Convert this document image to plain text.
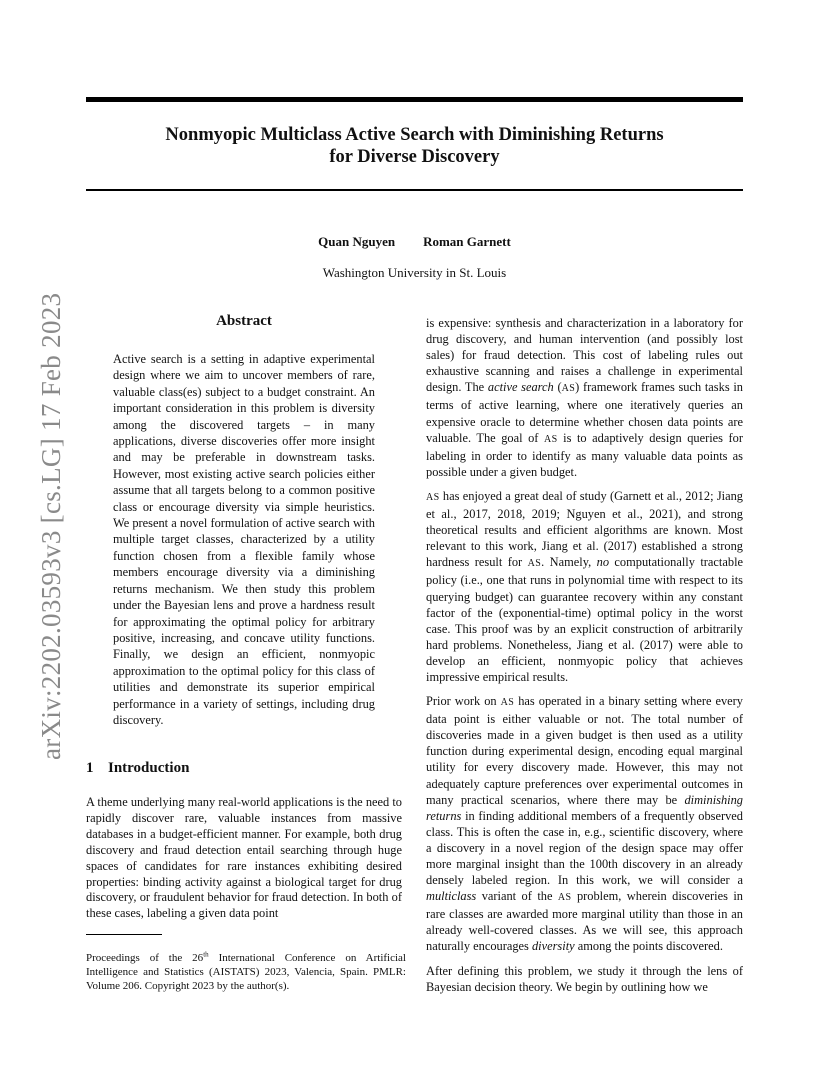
Nonmyopic Multiclass Active Search with Diminishing Returns
for Diverse Discovery
Quan Nguyen Roman Garnett
Washington University in St. Louis
arXiv:2202.03593v3 [cs.LG] 17 Feb 2023	Abstract
Active search is a setting in adaptive experimental design where we aim to uncover members of rare, valuable class(es) subject to a budget constraint. An important consideration in this problem is diversity among the discovered targets – in many applications, diverse discoveries offer more insight and may be preferable in downstream tasks. However, most existing active search policies either assume that all targets belong to a common positive class or encourage diversity via simple heuristics. We present a novel formulation of active search with multiple target classes, characterized by a utility function chosen from a flexible family whose members encourage diversity via a diminishing returns mechanism. We then study this problem under the Bayesian lens and prove a hardness result for approximating the optimal policy for arbitrary positive, increasing, and concave utility functions. Finally, we design an efficient, nonmyopic approximation to the optimal policy for this class of utilities and demonstrate its superior empirical performance in a variety of settings, including drug discovery.
1 Introduction
A theme underlying many real-world applications is the need to rapidly discover rare, valuable instances from massive databases in a budget-efficient manner. For example, both drug discovery and fraud detection entail searching through huge spaces of candidates for rare instances exhibiting desired properties: binding activity against a biological target for drug discovery, or fraudulent behavior for fraud detection. In both of these cases, labeling a given data point
Proceedings of the 26th International Conference on Artificial Intelligence and Statistics (AISTATS) 2023, Valencia, Spain. PMLR: Volume 206. Copyright 2023 by the author(s).

is expensive: synthesis and characterization in a laboratory for drug discovery, and human intervention (and possibly lost sales) for fraud detection. This cost of labeling rules out exhaustive scanning and raises a challenge in experimental design. The active search (AS) framework frames such tasks in terms of active learning, where one iteratively queries an expensive oracle to determine whether chosen data points are valuable. The goal of AS is to adaptively design queries for labeling in order to identify as many valuable data points as possible under a given budget.

AS has enjoyed a great deal of study (Garnett et al., 2012; Jiang et al., 2017, 2018, 2019; Nguyen et al., 2021), and strong theoretical results and efficient algorithms are known. Most relevant to this work, Jiang et al. (2017) established a strong hardness result for AS. Namely, no computationally tractable policy (i.e., one that runs in polynomial time with respect to its querying budget) can guarantee recovery within any constant factor of the (exponential-time) optimal policy in the worst case. This proof was by an explicit construction of arbitrarily hard problems. Nonetheless, Jiang et al. (2017) were able to develop an efficient, nonmyopic policy that achieves impressive empirical results.

Prior work on AS has operated in a binary setting where every data point is either valuable or not. The total number of discoveries made in a given budget is then used as a utility function during experimental design, encoding equal marginal utility for every discovery made. However, this may not adequately capture preferences over experimental outcomes in many practical scenarios, where there may be diminishing returns in finding additional members of a frequently observed class. This is often the case in, e.g., scientific discovery, where a discovery in a novel region of the design space may offer more marginal insight than the 100th discovery in an already densely labeled region. In this work, we will consider a multiclass variant of the AS problem, wherein discoveries in rare classes are awarded more marginal utility than those in an already well-covered classes. As we will see, this approach naturally encourages diversity among the points discovered.

After defining this problem, we study it through the lens of Bayesian decision theory. We begin by outlining how we
